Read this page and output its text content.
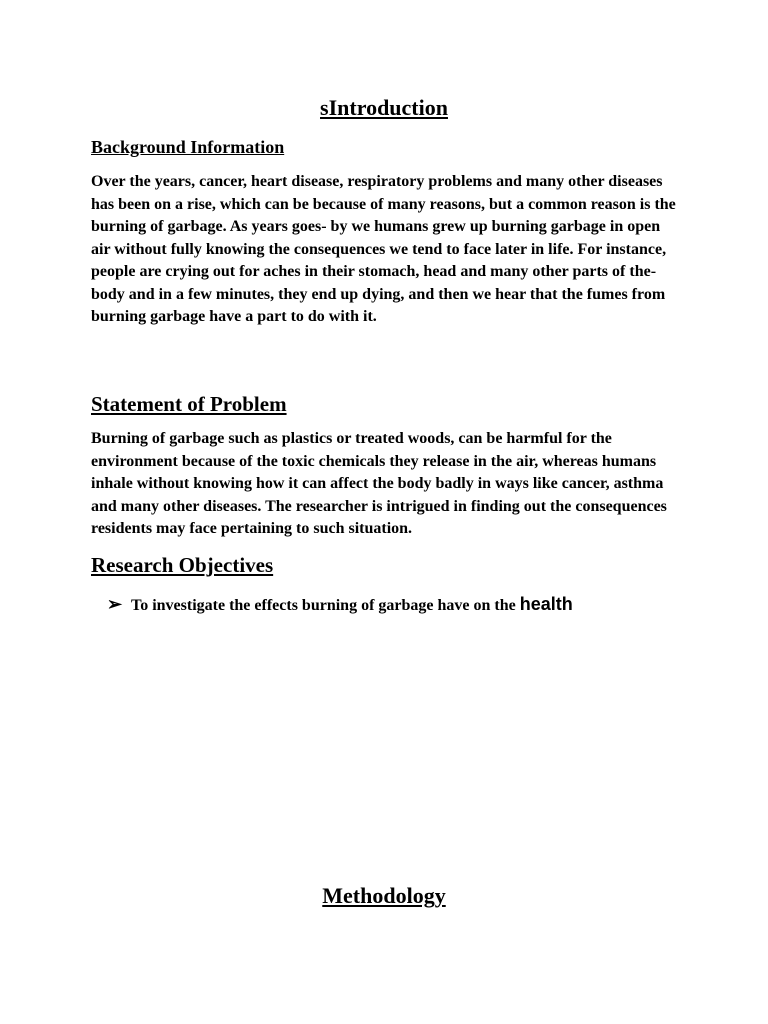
sIntroduction
Background Information

Over the years, cancer, heart disease, respiratory problems and many other diseases has been on a rise, which can be because of many reasons, but a common reason is the burning of garbage. As years goes- by we humans grew up burning garbage in open air without fully knowing the consequences we tend to face later in life. For instance, people are crying out for aches in their stomach, head and many other parts of the- body and in a few minutes, they end up dying, and then we hear that the fumes from burning garbage have a part to do with it.

Statement of Problem

Burning of garbage such as plastics or treated woods, can be harmful for the environment because of the toxic chemicals they release in the air, whereas humans inhale without knowing how it can affect the body badly in ways like cancer, asthma and many other diseases. The researcher is intrigued in finding out the consequences residents may face pertaining to such situation.

Research Objectives
➢ To investigate the effects burning of garbage have on the health
Methodology
